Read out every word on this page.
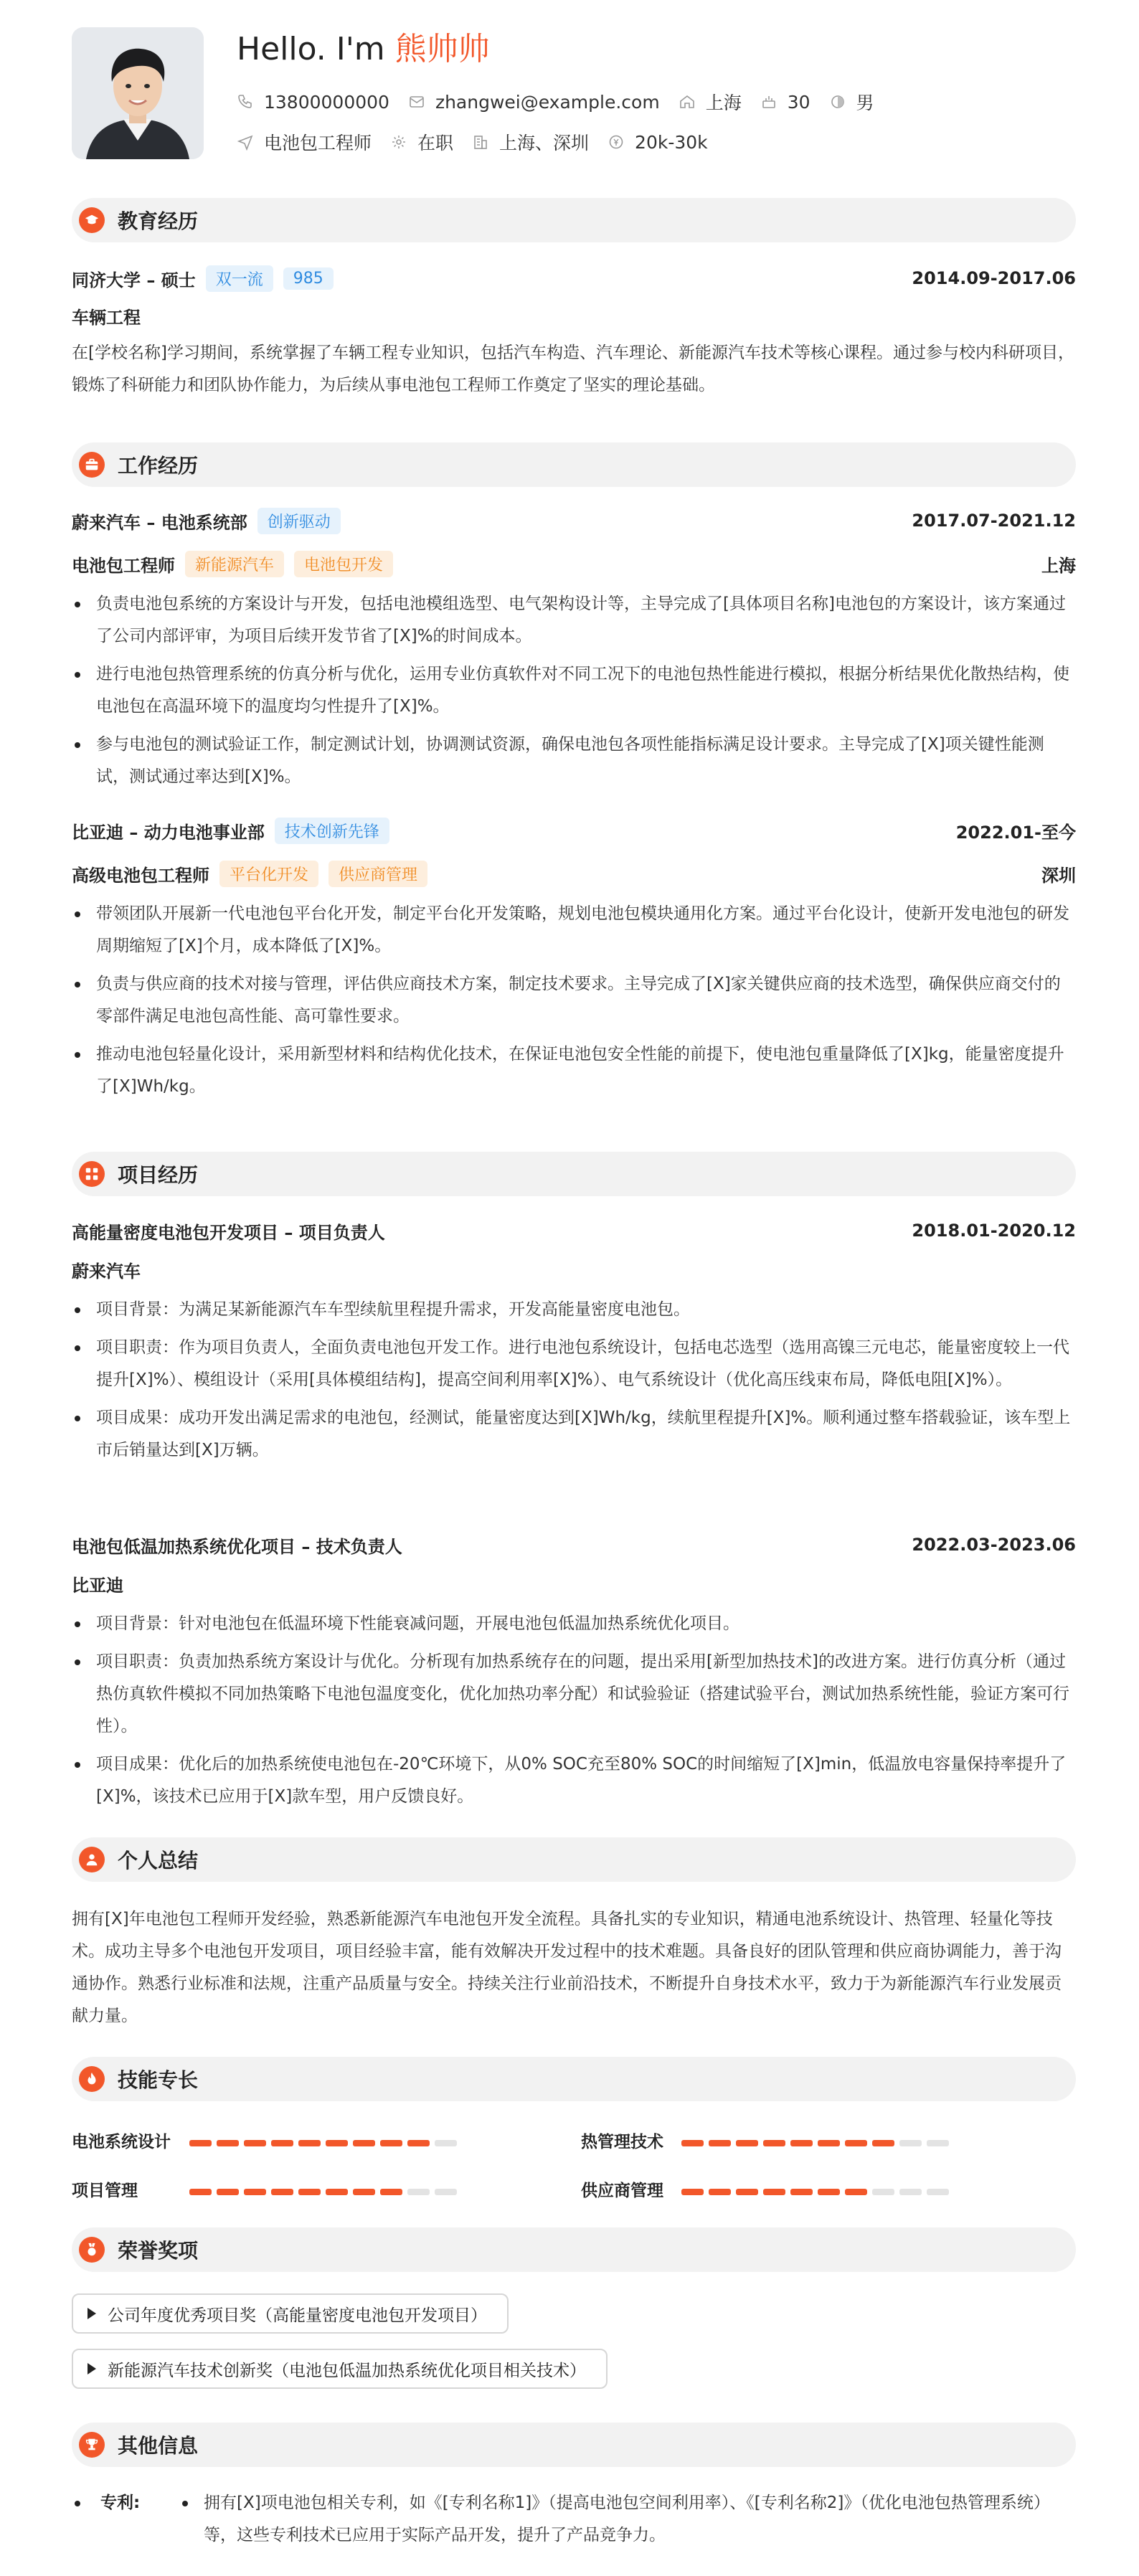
Hello. I'm 熊帅帅
13800000000	zhangwei@example.com	上海	30	男
电池包工程师	在职	上海、深圳	20k-30k
教育经历
同济大学 – 硕士	双一流	985	2014.09-2017.06
车辆工程
在[学校名称]学习期间，系统掌握了车辆工程专业知识，包括汽车构造、汽车理论、新能源汽车技术等核心课程。通过参与校内科研项目，锻炼了科研能力和团队协作能力，为后续从事电池包工程师工作奠定了坚实的理论基础。
工作经历
蔚来汽车 – 电池系统部	创新驱动	2017.07-2021.12
电池包工程师	新能源汽车	电池包开发	上海
负责电池包系统的方案设计与开发，包括电池模组选型、电气架构设计等，主导完成了[具体项目名称]电池包的方案设计，该方案通过了公司内部评审，为项目后续开发节省了[X]%的时间成本。
进行电池包热管理系统的仿真分析与优化，运用专业仿真软件对不同工况下的电池包热性能进行模拟，根据分析结果优化散热结构，使电池包在高温环境下的温度均匀性提升了[X]%。
参与电池包的测试验证工作，制定测试计划，协调测试资源，确保电池包各项性能指标满足设计要求。主导完成了[X]项关键性能测试，测试通过率达到[X]%。
比亚迪 – 动力电池事业部	技术创新先锋	2022.01-至今
高级电池包工程师	平台化开发	供应商管理	深圳
带领团队开展新一代电池包平台化开发，制定平台化开发策略，规划电池包模块通用化方案。通过平台化设计，使新开发电池包的研发周期缩短了[X]个月，成本降低了[X]%。
负责与供应商的技术对接与管理，评估供应商技术方案，制定技术要求。主导完成了[X]家关键供应商的技术选型，确保供应商交付的零部件满足电池包高性能、高可靠性要求。
推动电池包轻量化设计，采用新型材料和结构优化技术，在保证电池包安全性能的前提下，使电池包重量降低了[X]kg，能量密度提升了[X]Wh/kg。
项目经历
高能量密度电池包开发项目 – 项目负责人	2018.01-2020.12
蔚来汽车
项目背景：为满足某新能源汽车车型续航里程提升需求，开发高能量密度电池包。
项目职责：作为项目负责人，全面负责电池包开发工作。进行电池包系统设计，包括电芯选型（选用高镍三元电芯，能量密度较上一代提升[X]%）、模组设计（采用[具体模组结构]，提高空间利用率[X]%）、电气系统设计（优化高压线束布局，降低电阻[X]%）。
项目成果：成功开发出满足需求的电池包，经测试，能量密度达到[X]Wh/kg，续航里程提升[X]%。顺利通过整车搭载验证，该车型上市后销量达到[X]万辆。
电池包低温加热系统优化项目 – 技术负责人	2022.03-2023.06
比亚迪
项目背景：针对电池包在低温环境下性能衰减问题，开展电池包低温加热系统优化项目。
项目职责：负责加热系统方案设计与优化。分析现有加热系统存在的问题，提出采用[新型加热技术]的改进方案。进行仿真分析（通过热仿真软件模拟不同加热策略下电池包温度变化，优化加热功率分配）和试验验证（搭建试验平台，测试加热系统性能，验证方案可行性）。
项目成果：优化后的加热系统使电池包在-20℃环境下，从0% SOC充至80% SOC的时间缩短了[X]min，低温放电容量保持率提升了[X]%，该技术已应用于[X]款车型，用户反馈良好。
个人总结
拥有[X]年电池包工程师开发经验，熟悉新能源汽车电池包开发全流程。具备扎实的专业知识，精通电池系统设计、热管理、轻量化等技术。成功主导多个电池包开发项目，项目经验丰富，能有效解决开发过程中的技术难题。具备良好的团队管理和供应商协调能力，善于沟通协作。熟悉行业标准和法规，注重产品质量与安全。持续关注行业前沿技术，不断提升自身技术水平，致力于为新能源汽车行业发展贡献力量。
技能专长
电池系统设计	热管理技术
项目管理	供应商管理
荣誉奖项
公司年度优秀项目奖（高能量密度电池包开发项目）
新能源汽车技术创新奖（电池包低温加热系统优化项目相关技术）
其他信息
专利:	拥有[X]项电池包相关专利，如《[专利名称1]》（提高电池包空间利用率）、《[专利名称2]》（优化电池包热管理系统）等，这些专利技术已应用于实际产品开发，提升了产品竞争力。
